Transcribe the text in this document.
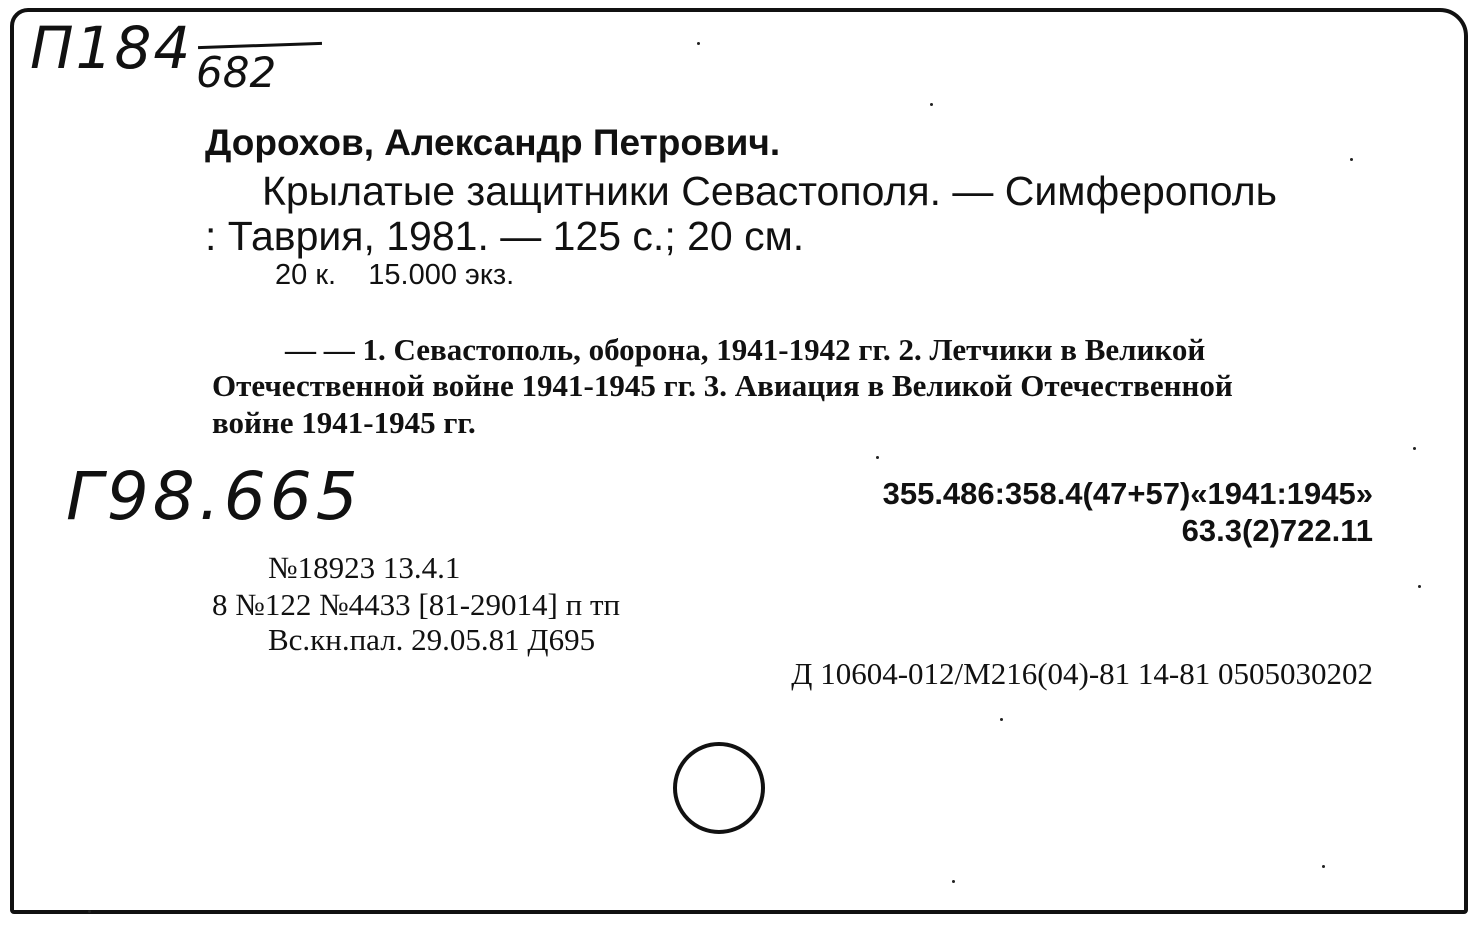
П184 682

Дорохов, Александр Петрович.

Крылатые защитники Севастополя. — Симферополь

: Таврия, 1981. — 125 с.; 20 см.

20 к.    15.000 экз.

— — 1. Севастополь, оборона, 1941-1942 гг. 2. Летчики в Великой

Отечественной войне 1941-1945 гг. 3. Авиация в Великой Отечественной

войне 1941-1945 гг.

Г98.665	355.486:358.4(47+57)«1941:1945»

63.3(2)722.11

№18923 13.4.1

8 №122 №4433 [81-29014] п тп

Вс.кн.пал. 29.05.81 Д695

Д 10604-012/М216(04)-81 14-81 0505030202
